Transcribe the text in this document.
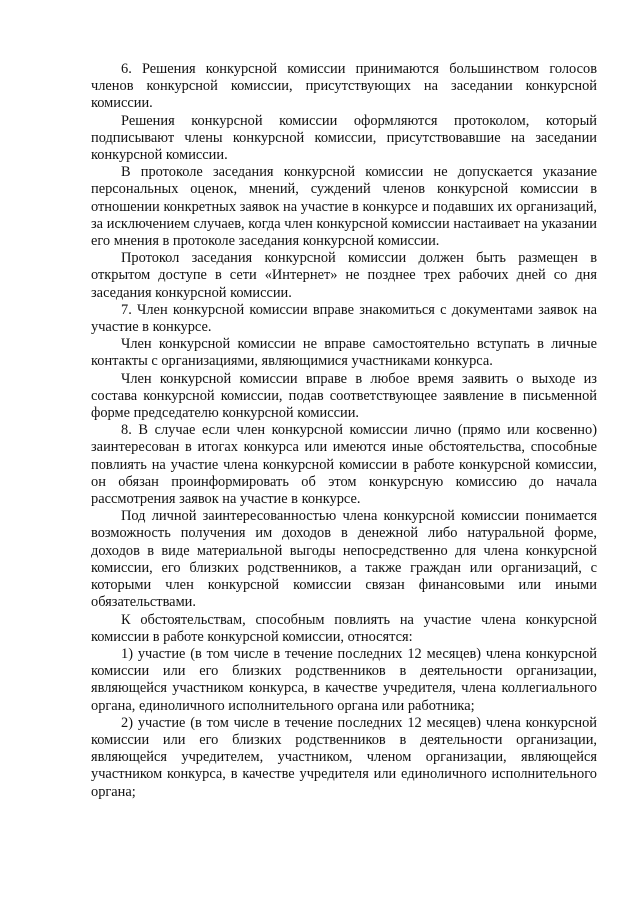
6. Решения конкурсной комиссии принимаются большинством голосов членов конкурсной комиссии, присутствующих на заседании конкурсной комиссии.

Решения конкурсной комиссии оформляются протоколом, который подписывают члены конкурсной комиссии, присутствовавшие на заседании конкурсной комиссии.

В протоколе заседания конкурсной комиссии не допускается указание персональных оценок, мнений, суждений членов конкурсной комиссии в отношении конкретных заявок на участие в конкурсе и подавших их организаций, за исключением случаев, когда член конкурсной комиссии настаивает на указании его мнения в протоколе заседания конкурсной комиссии.

Протокол заседания конкурсной комиссии должен быть размещен в открытом доступе в сети «Интернет» не позднее трех рабочих дней со дня заседания конкурсной комиссии.

7. Член конкурсной комиссии вправе знакомиться с документами заявок на участие в конкурсе.

Член конкурсной комиссии не вправе самостоятельно вступать в личные контакты с организациями, являющимися участниками конкурса.

Член конкурсной комиссии вправе в любое время заявить о выходе из состава конкурсной комиссии, подав соответствующее заявление в письменной форме председателю конкурсной комиссии.

8. В случае если член конкурсной комиссии лично (прямо или косвенно) заинтересован в итогах конкурса или имеются иные обстоятельства, способные повлиять на участие члена конкурсной комиссии в работе конкурсной комиссии, он обязан проинформировать об этом конкурсную комиссию до начала рассмотрения заявок на участие в конкурсе.

Под личной заинтересованностью члена конкурсной комиссии понимается возможность получения им доходов в денежной либо натуральной форме, доходов в виде материальной выгоды непосредственно для члена конкурсной комиссии, его близких родственников, а также граждан или организаций, с которыми член конкурсной комиссии связан финансовыми или иными обязательствами.

К обстоятельствам, способным повлиять на участие члена конкурсной комиссии в работе конкурсной комиссии, относятся:

1) участие (в том числе в течение последних 12 месяцев) члена конкурсной комиссии или его близких родственников в деятельности организации, являющейся участником конкурса, в качестве учредителя, члена коллегиального органа, единоличного исполнительного органа или работника;

2) участие (в том числе в течение последних 12 месяцев) члена конкурсной комиссии или его близких родственников в деятельности организации, являющейся учредителем, участником, членом организации, являющейся участником конкурса, в качестве учредителя или единоличного исполнительного органа;
